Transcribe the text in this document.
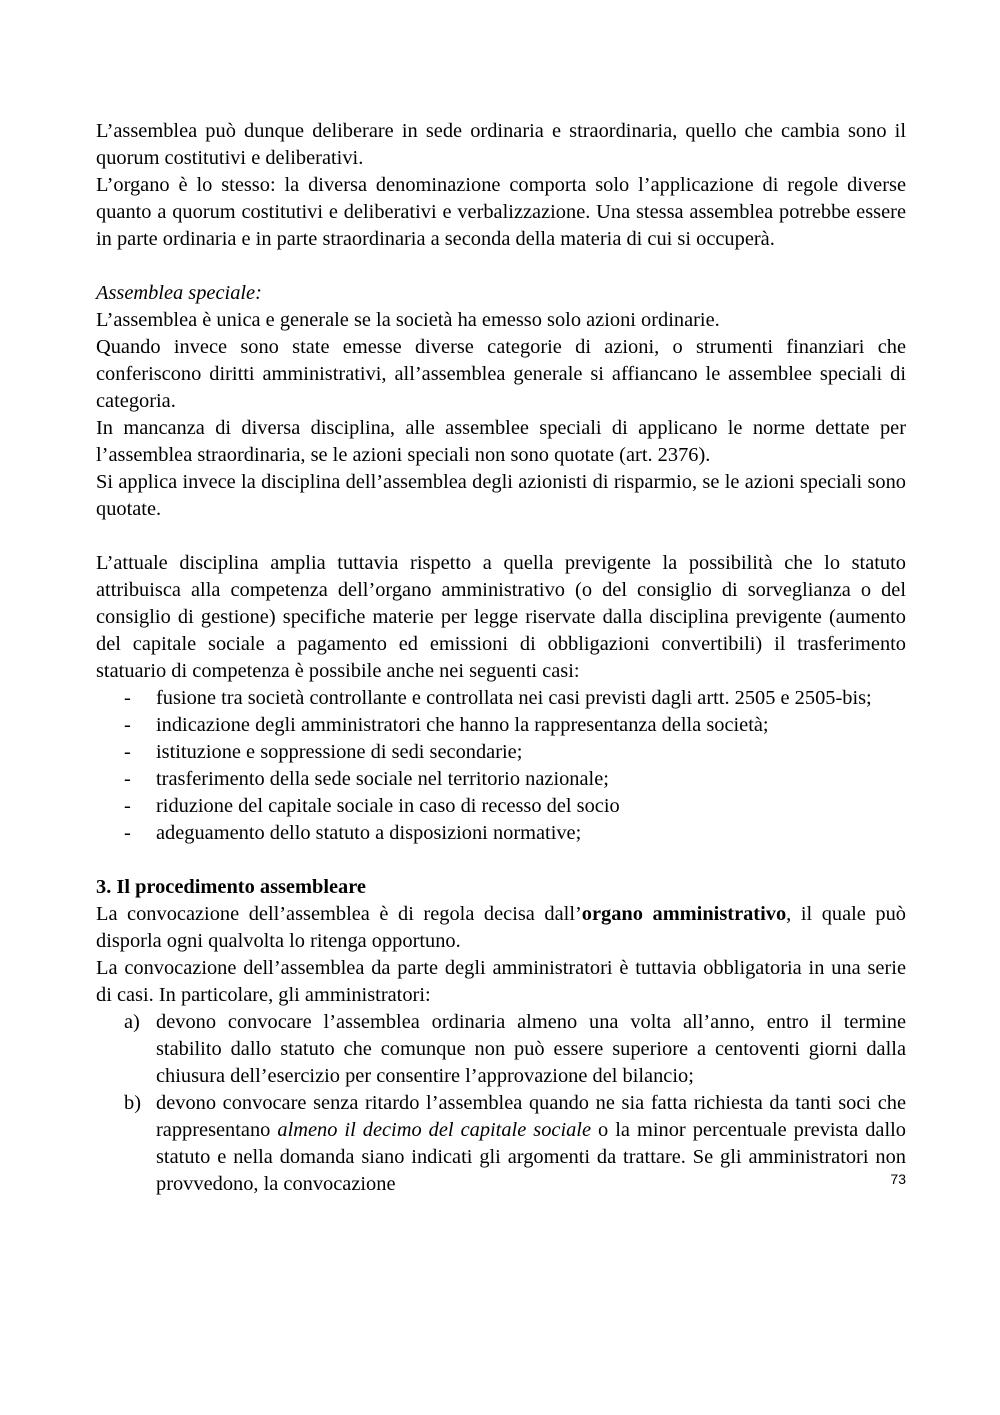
L’assemblea può dunque deliberare in sede ordinaria e straordinaria, quello che cambia sono il quorum costitutivi e deliberativi.

L’organo è lo stesso: la diversa denominazione comporta solo l’applicazione di regole diverse quanto a quorum costitutivi e deliberativi e verbalizzazione. Una stessa assemblea potrebbe essere in parte ordinaria e in parte straordinaria a seconda della materia di cui si occuperà.

Assemblea speciale:

L’assemblea è unica e generale se la società ha emesso solo azioni ordinarie.

Quando invece sono state emesse diverse categorie di azioni, o strumenti finanziari che conferiscono diritti amministrativi, all’assemblea generale si affiancano le assemblee speciali di categoria.

In mancanza di diversa disciplina, alle assemblee speciali di applicano le norme dettate per l’assemblea straordinaria, se le azioni speciali non sono quotate (art. 2376).

Si applica invece la disciplina dell’assemblea degli azionisti di risparmio, se le azioni speciali sono quotate.

L’attuale disciplina amplia tuttavia rispetto a quella previgente la possibilità che lo statuto attribuisca alla competenza dell’organo amministrativo (o del consiglio di sorveglianza o del consiglio di gestione) specifiche materie per legge riservate dalla disciplina previgente (aumento del capitale sociale a pagamento ed emissioni di obbligazioni convertibili) il trasferimento statuario di competenza è possibile anche nei seguenti casi:

- fusione tra società controllante e controllata nei casi previsti dagli artt. 2505 e 2505-bis;
- indicazione degli amministratori che hanno la rappresentanza della società;
- istituzione e soppressione di sedi secondarie;
- trasferimento della sede sociale nel territorio nazionale;
- riduzione del capitale sociale in caso di recesso del socio
- adeguamento dello statuto a disposizioni normative;

3. Il procedimento assembleare

La convocazione dell’assemblea è di regola decisa dall’organo amministrativo, il quale può disporla ogni qualvolta lo ritenga opportuno.

La convocazione dell’assemblea da parte degli amministratori è tuttavia obbligatoria in una serie di casi. In particolare, gli amministratori:

a) devono convocare l’assemblea ordinaria almeno una volta all’anno, entro il termine stabilito dallo statuto che comunque non può essere superiore a centoventi giorni dalla chiusura dell’esercizio per consentire l’approvazione del bilancio;
b) devono convocare senza ritardo l’assemblea quando ne sia fatta richiesta da tanti soci che rappresentano almeno il decimo del capitale sociale o la minor percentuale prevista dallo statuto e nella domanda siano indicati gli argomenti da trattare. Se gli amministratori non provvedono, la convocazione	73
